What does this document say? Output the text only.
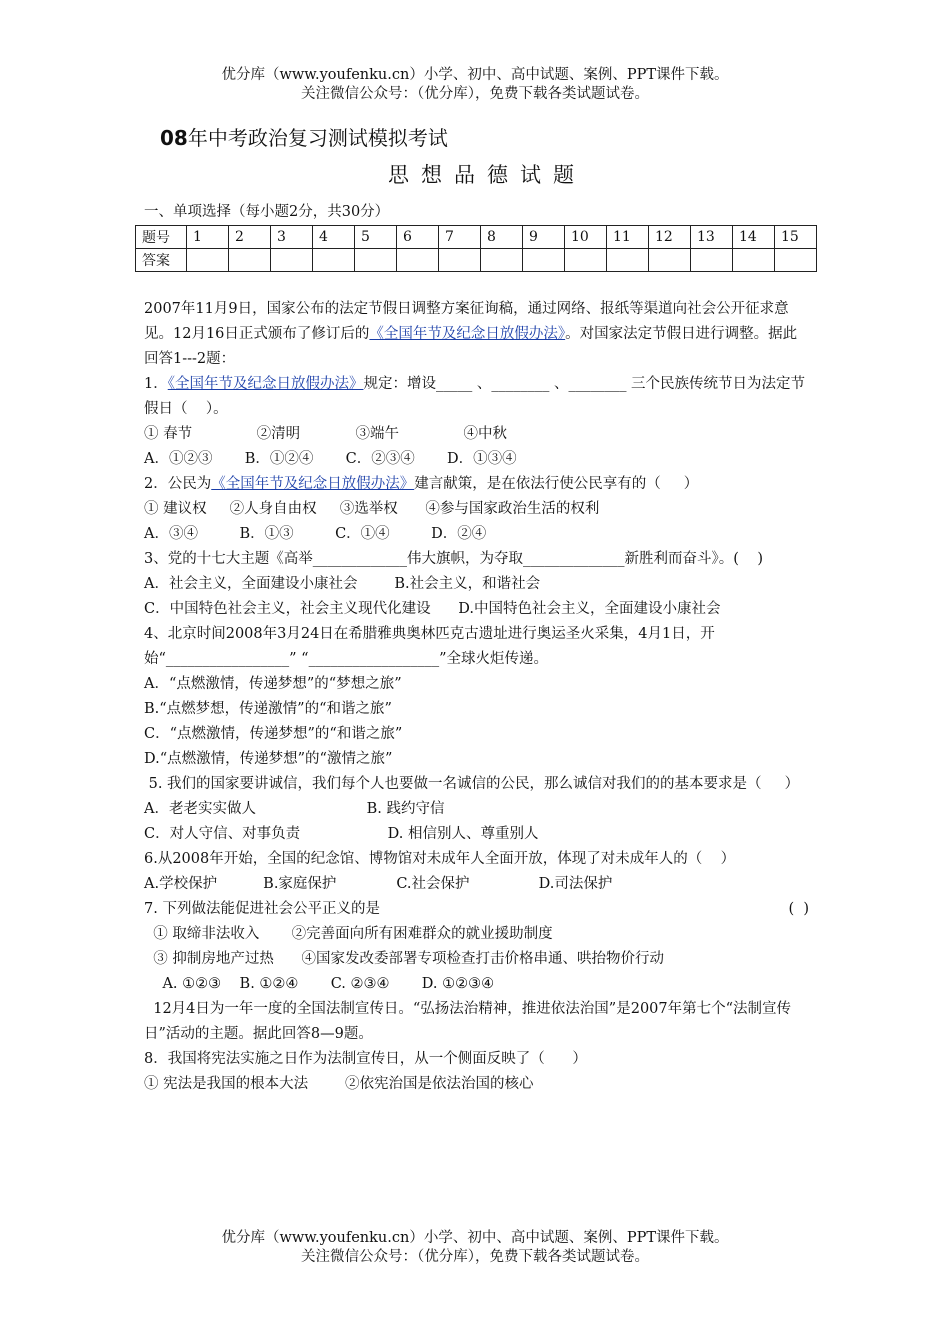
优分库（www.youfenku.cn）小学、初中、高中试题、案例、PPT课件下载。
关注微信公众号：（优分库），免费下载各类试题试卷。
08年中考政治复习测试模拟考试
思想品德试题
一、单项选择（每小题2分，共30分）
题号	1	2	3	4	5	6	7	8	9	10	11	12	13	14	15
答案															

2007年11月9日，国家公布的法定节假日调整方案征询稿，通过网络、报纸等渠道向社会公开征求意见。12月16日正式颁布了修订后的《全国年节及纪念日放假办法》。对国家法定节假日进行调整。据此回答1---2题：

1．《全国年节及纪念日放假办法》规定：增设_____ 、________ 、________ 三个民族传统节日为法定节假日（    ）。

① 春节              ②清明            ③端午              ④中秋

A．①②③       B．①②④       C．②③④       D．①③④

2．公民为《全国年节及纪念日放假办法》建言献策，是在依法行使公民享有的（     ）

① 建议权     ②人身自由权     ③选举权      ④参与国家政治生活的权利

A．③④         B．①③         C．①④         D．②④

3、党的十七大主题《高举_____________伟大旗帜，为夺取______________新胜利而奋斗》。(    )

A．社会主义，全面建设小康社会        B.社会主义，和谐社会

C．中国特色社会主义，社会主义现代化建设      D.中国特色社会主义，全面建设小康社会

4、北京时间2008年3月24日在希腊雅典奥林匹克古遗址进行奥运圣火采集，4月1日，开始“_________________” “__________________”全球火炬传递。

A．“点燃激情，传递梦想”的“梦想之旅”

B.“点燃梦想，传递激情”的“和谐之旅”

C．“点燃激情，传递梦想”的“和谐之旅”

D.“点燃激情，传递梦想”的“激情之旅”

5. 我们的国家要讲诚信，我们每个人也要做一名诚信的公民，那么诚信对我们的的基本要求是（     ）

A．老老实实做人                        B. 践约守信

C．对人守信、对事负责                   D. 相信别人、尊重别人

6.从2008年开始，全国的纪念馆、博物馆对未成年人全面开放，体现了对未成年人的（    ）

A.学校保护          B.家庭保护             C.社会保护               D.司法保护

(  )
7. 下列做法能促进社会公平正义的是

① 取缔非法收入       ②完善面向所有困难群众的就业援助制度

③ 抑制房地产过热      ④国家发改委部署专项检查打击价格串通、哄抬物价行动

A. ①②③    B. ①②④       C. ②③④       D. ①②③④

12月4日为一年一度的全国法制宣传日。“弘扬法治精神，推进依法治国”是2007年第七个“法制宣传日”活动的主题。据此回答8—9题。

8．我国将宪法实施之日作为法制宣传日，从一个侧面反映了（      ）

① 宪法是我国的根本大法        ②依宪治国是依法治国的核心

优分库（www.youfenku.cn）小学、初中、高中试题、案例、PPT课件下载。
关注微信公众号：（优分库），免费下载各类试题试卷。
